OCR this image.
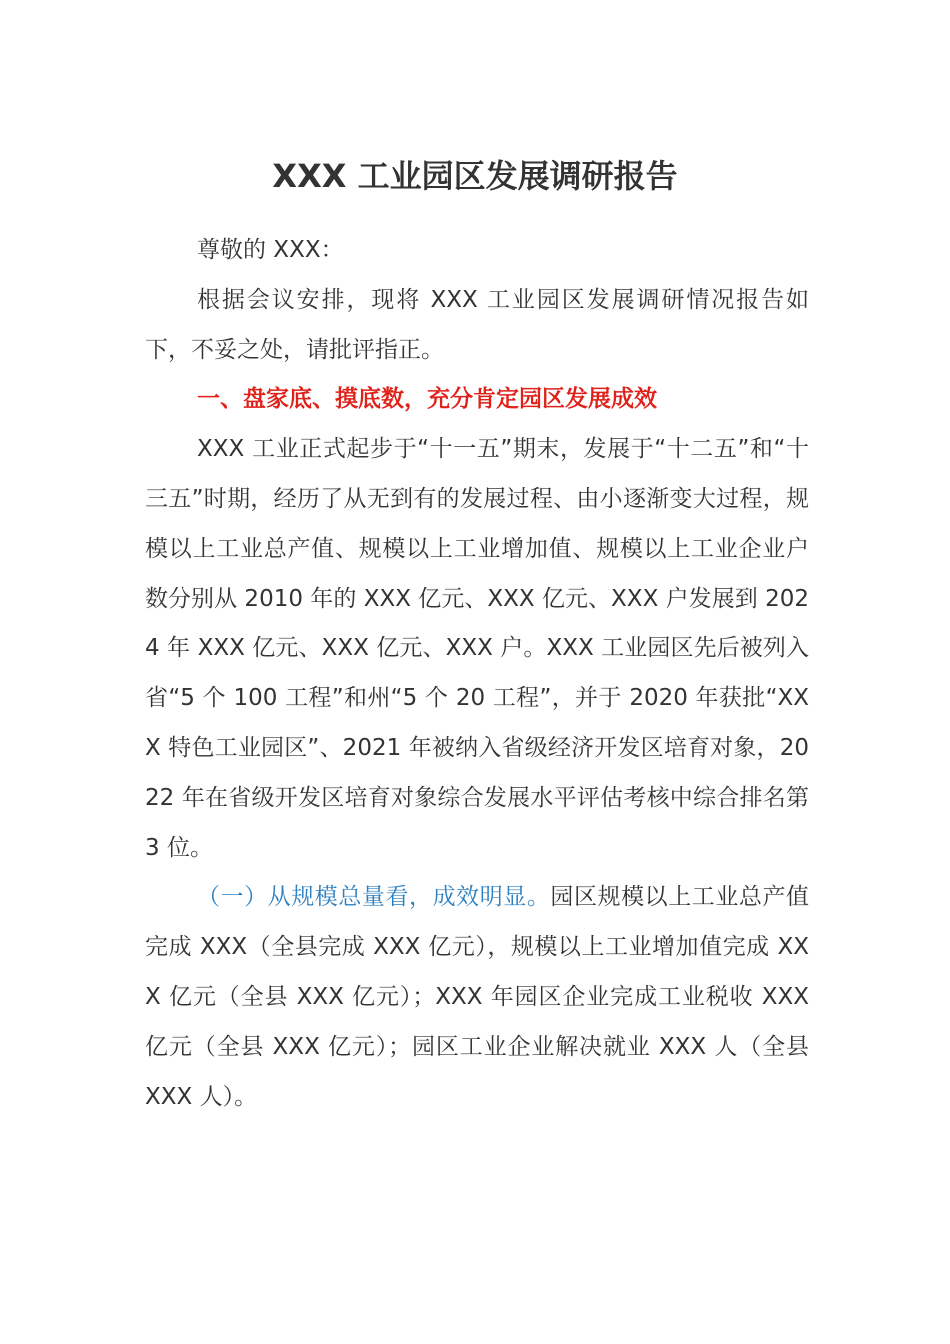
XXX 工业园区发展调研报告

尊敬的 XXX：

根据会议安排，现将 XXX 工业园区发展调研情况报告如下，不妥之处，请批评指正。

一、盘家底、摸底数，充分肯定园区发展成效

XXX 工业正式起步于“十一五”期末，发展于“十二五”和“十三五”时期，经历了从无到有的发展过程、由小逐渐变大过程，规模以上工业总产值、规模以上工业增加值、规模以上工业企业户数分别从 2010 年的 XXX 亿元、XXX 亿元、XXX 户发展到 2024 年 XXX 亿元、XXX 亿元、XXX 户。XXX 工业园区先后被列入省“5 个 100 工程”和州“5 个 20 工程”，并于 2020 年获批“XXX 特色工业园区”、2021 年被纳入省级经济开发区培育对象，2022 年在省级开发区培育对象综合发展水平评估考核中综合排名第 3 位。

（一）从规模总量看，成效明显。园区规模以上工业总产值完成 XXX（全县完成 XXX 亿元），规模以上工业增加值完成 XXX 亿元（全县 XXX 亿元）；XXX 年园区企业完成工业税收 XXX 亿元（全县 XXX 亿元）；园区工业企业解决就业 XXX 人（全县 XXX 人）。
